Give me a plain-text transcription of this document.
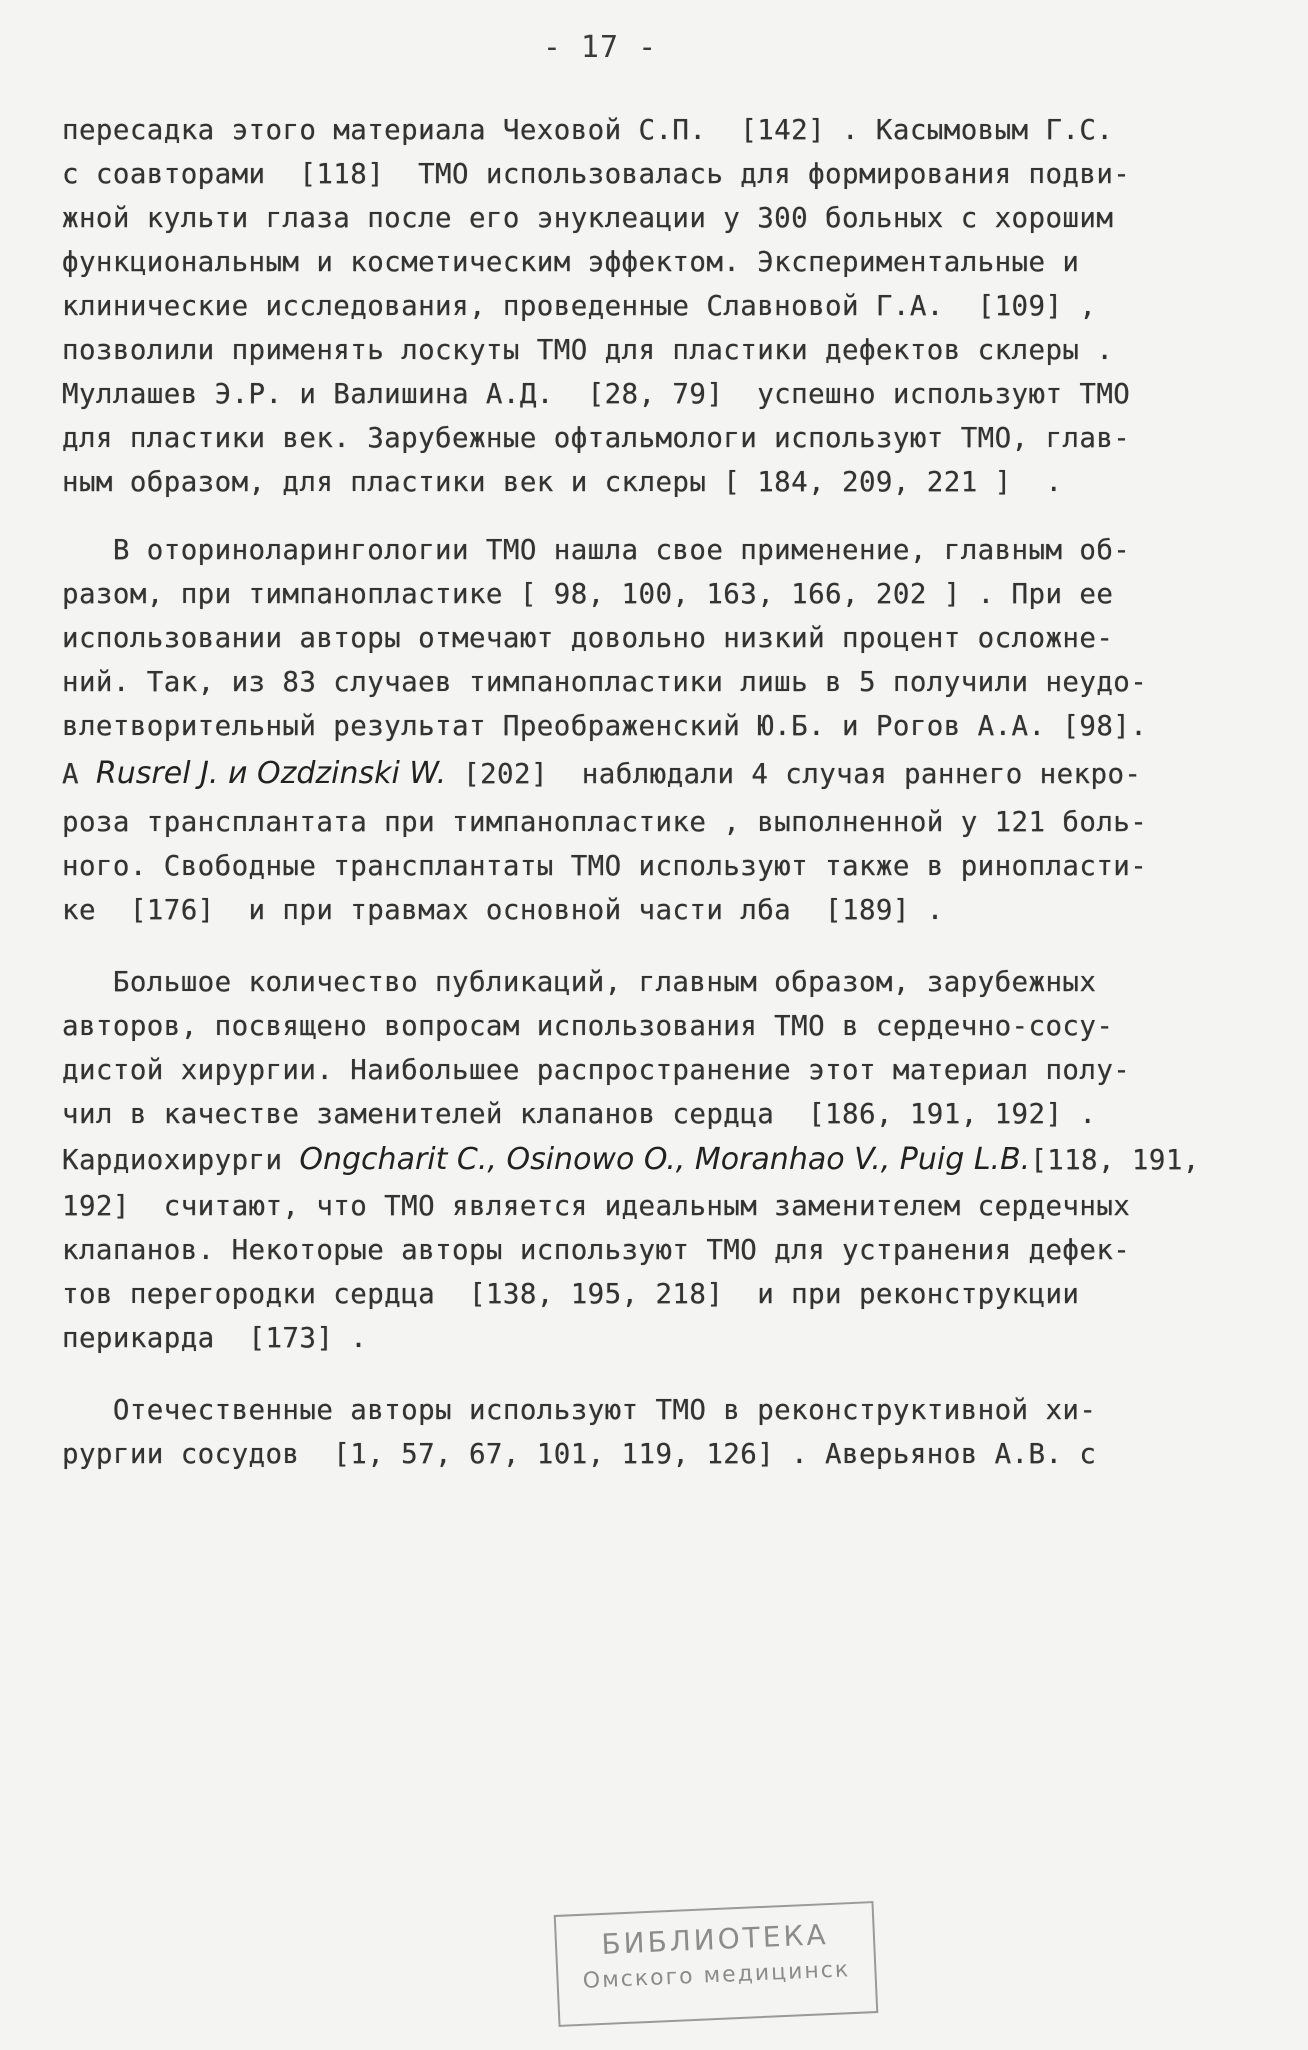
- 17 -
пересадка этого материала Чеховой С.П.  [142] . Касымовым Г.С.
с соавторами  [118]  ТМО использовалась для формирования подви-
жной культи глаза после его энуклеации у 300 больных с хорошим
функциональным и косметическим эффектом. Экспериментальные и
клинические исследования, проведенные Славновой Г.А.  [109] ,
позволили применять лоскуты ТМО для пластики дефектов склеры .
Муллашев Э.Р. и Валишина А.Д.  [28, 79]  успешно используют ТМО
для пластики век. Зарубежные офтальмологи используют ТМО, глав-
ным образом, для пластики век и склеры [ 184, 209, 221 ]  .
В оториноларингологии ТМО нашла свое применение, главным об-
разом, при тимпанопластике [ 98, 100, 163, 166, 202 ] . При ее
использовании авторы отмечают довольно низкий процент осложне-
ний. Так, из 83 случаев тимпанопластики лишь в 5 получили неудо-
влетворительный результат Преображенский Ю.Б. и Рогов А.А. [98].
А Rusrel J. и Ozdzinski W. [202]  наблюдали 4 случая раннего некро-
роза трансплантата при тимпанопластике , выполненной у 121 боль-
ного. Свободные трансплантаты ТМО используют также в ринопласти-
ке  [176]  и при травмах основной части лба  [189] .
Большое количество публикаций, главным образом, зарубежных
авторов, посвящено вопросам использования ТМО в сердечно-сосу-
дистой хирургии. Наибольшее распространение этот материал полу-
чил в качестве заменителей клапанов сердца  [186, 191, 192] .
Кардиохирурги Ongcharit C., Osinowo O., Moranhao V., Puig L.B.[118, 191,
192]  считают, что ТМО является идеальным заменителем сердечных
клапанов. Некоторые авторы используют ТМО для устранения дефек-
тов перегородки сердца  [138, 195, 218]  и при реконструкции
перикарда  [173] .
Отечественные авторы используют ТМО в реконструктивной хи-
рургии сосудов  [1, 57, 67, 101, 119, 126] . Аверьянов А.В. с
БИБЛИОТЕКА
Омского медицинск
